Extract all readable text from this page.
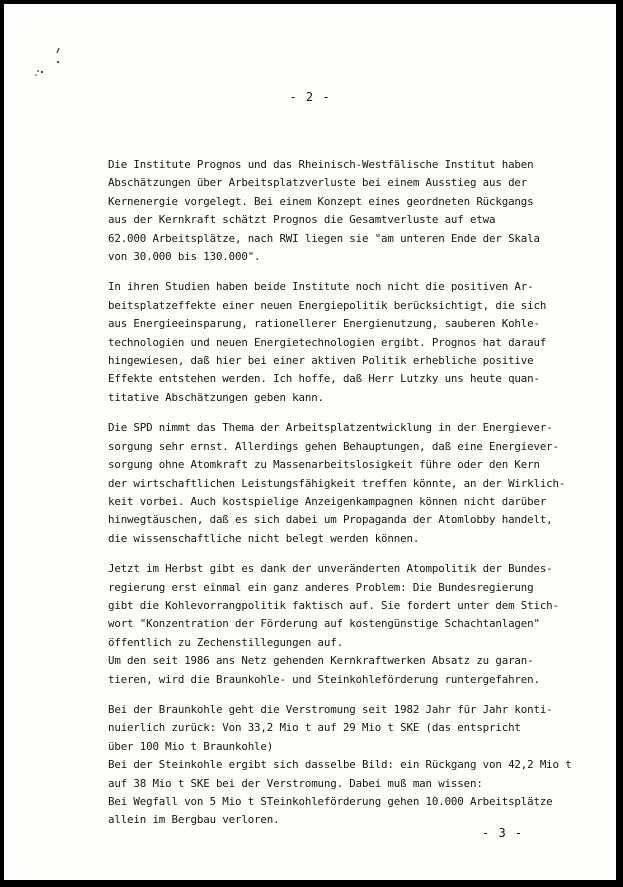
- 2 -
Die Institute Prognos und das Rheinisch-Westfälische Institut haben
Abschätzungen über Arbeitsplatzverluste bei einem Ausstieg aus der
Kernenergie vorgelegt. Bei einem Konzept eines geordneten Rückgangs
aus der Kernkraft schätzt Prognos die Gesamtverluste auf etwa
62.000 Arbeitsplätze, nach RWI liegen sie "am unteren Ende der Skala
von 30.000 bis 130.000".
In ihren Studien haben beide Institute noch nicht die positiven Ar-
beitsplatzeffekte einer neuen Energiepolitik berücksichtigt, die sich
aus Energieeinsparung, rationellerer Energienutzung, sauberen Kohle-
technologien und neuen Energietechnologien ergibt. Prognos hat darauf
hingewiesen, daß hier bei einer aktiven Politik erhebliche positive
Effekte entstehen werden. Ich hoffe, daß Herr Lutzky uns heute quan-
titative Abschätzungen geben kann.
Die SPD nimmt das Thema der Arbeitsplatzentwicklung in der Energiever-
sorgung sehr ernst. Allerdings gehen Behauptungen, daß eine Energiever-
sorgung ohne Atomkraft zu Massenarbeitslosigkeit führe oder den Kern
der wirtschaftlichen Leistungsfähigkeit treffen könnte, an der Wirklich-
keit vorbei. Auch kostspielige Anzeigenkampagnen können nicht darüber
hinwegtäuschen, daß es sich dabei um Propaganda der Atomlobby handelt,
die wissenschaftliche nicht belegt werden können.
Jetzt im Herbst gibt es dank der unveränderten Atompolitik der Bundes-
regierung erst einmal ein ganz anderes Problem: Die Bundesregierung
gibt die Kohlevorrangpolitik faktisch auf. Sie fordert unter dem Stich-
wort "Konzentration der Förderung auf kostengünstige Schachtanlagen"
öffentlich zu Zechenstillegungen auf.
Um den seit 1986 ans Netz gehenden Kernkraftwerken Absatz zu garan-
tieren, wird die Braunkohle- und Steinkohleförderung runtergefahren.
Bei der Braunkohle geht die Verstromung seit 1982 Jahr für Jahr konti-
nuierlich zurück: Von 33,2 Mio t auf 29 Mio t SKE (das entspricht
über 100 Mio t Braunkohle)
Bei der Steinkohle ergibt sich dasselbe Bild: ein Rückgang von 42,2 Mio t
auf 38 Mio t SKE bei der Verstromung. Dabei muß man wissen:
Bei Wegfall von 5 Mio t STeinkohleförderung gehen 10.000 Arbeitsplätze
allein im Bergbau verloren.
- 3 -
